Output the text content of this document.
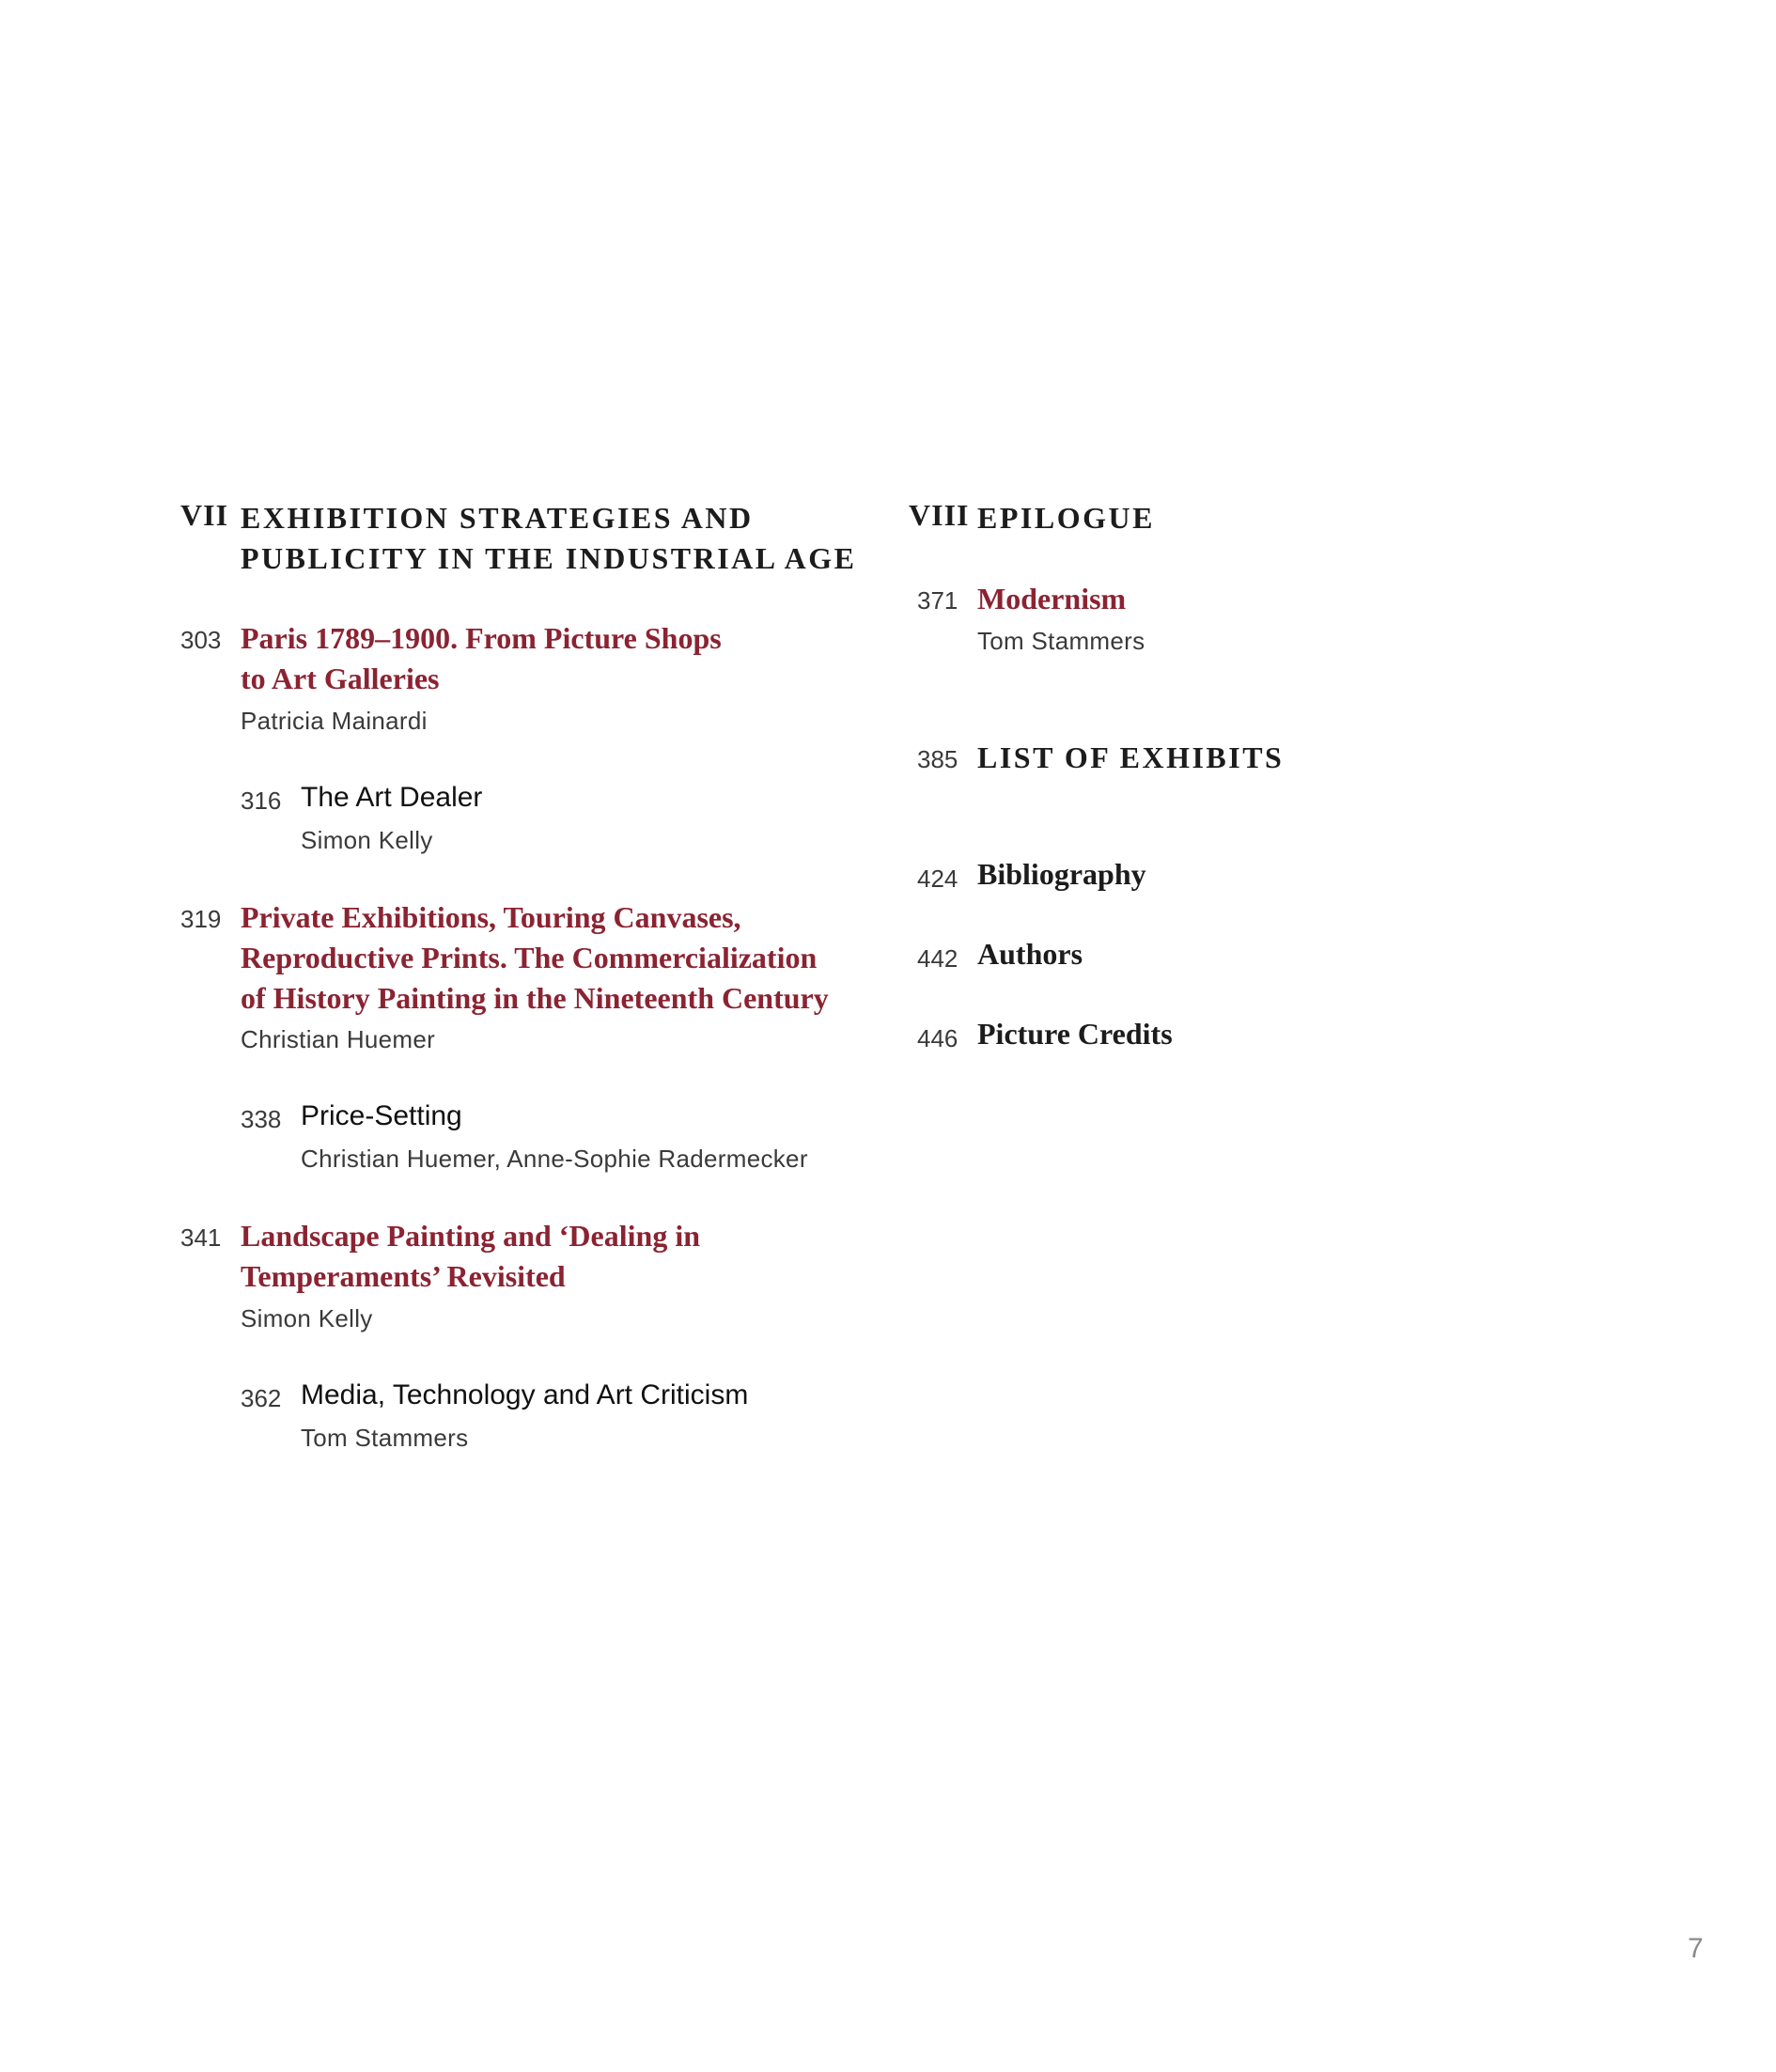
VII EXHIBITION STRATEGIES AND
PUBLICITY IN THE INDUSTRIAL AGE
303 Paris 1789–1900. From Picture Shops
to Art Galleries
Patricia Mainardi
316 The Art Dealer
Simon Kelly
319 Private Exhibitions, Touring Canvases,
Reproductive Prints. The Commercialization
of History Painting in the Nineteenth Century
Christian Huemer
338 Price-Setting
Christian Huemer, Anne-Sophie Radermecker
341 Landscape Painting and ‘Dealing in
Temperaments’ Revisited
Simon Kelly
362 Media, Technology and Art Criticism
Tom Stammers
VIII EPILOGUE
371 Modernism
Tom Stammers
385 LIST OF EXHIBITS
424 Bibliography
442 Authors
446 Picture Credits
7
